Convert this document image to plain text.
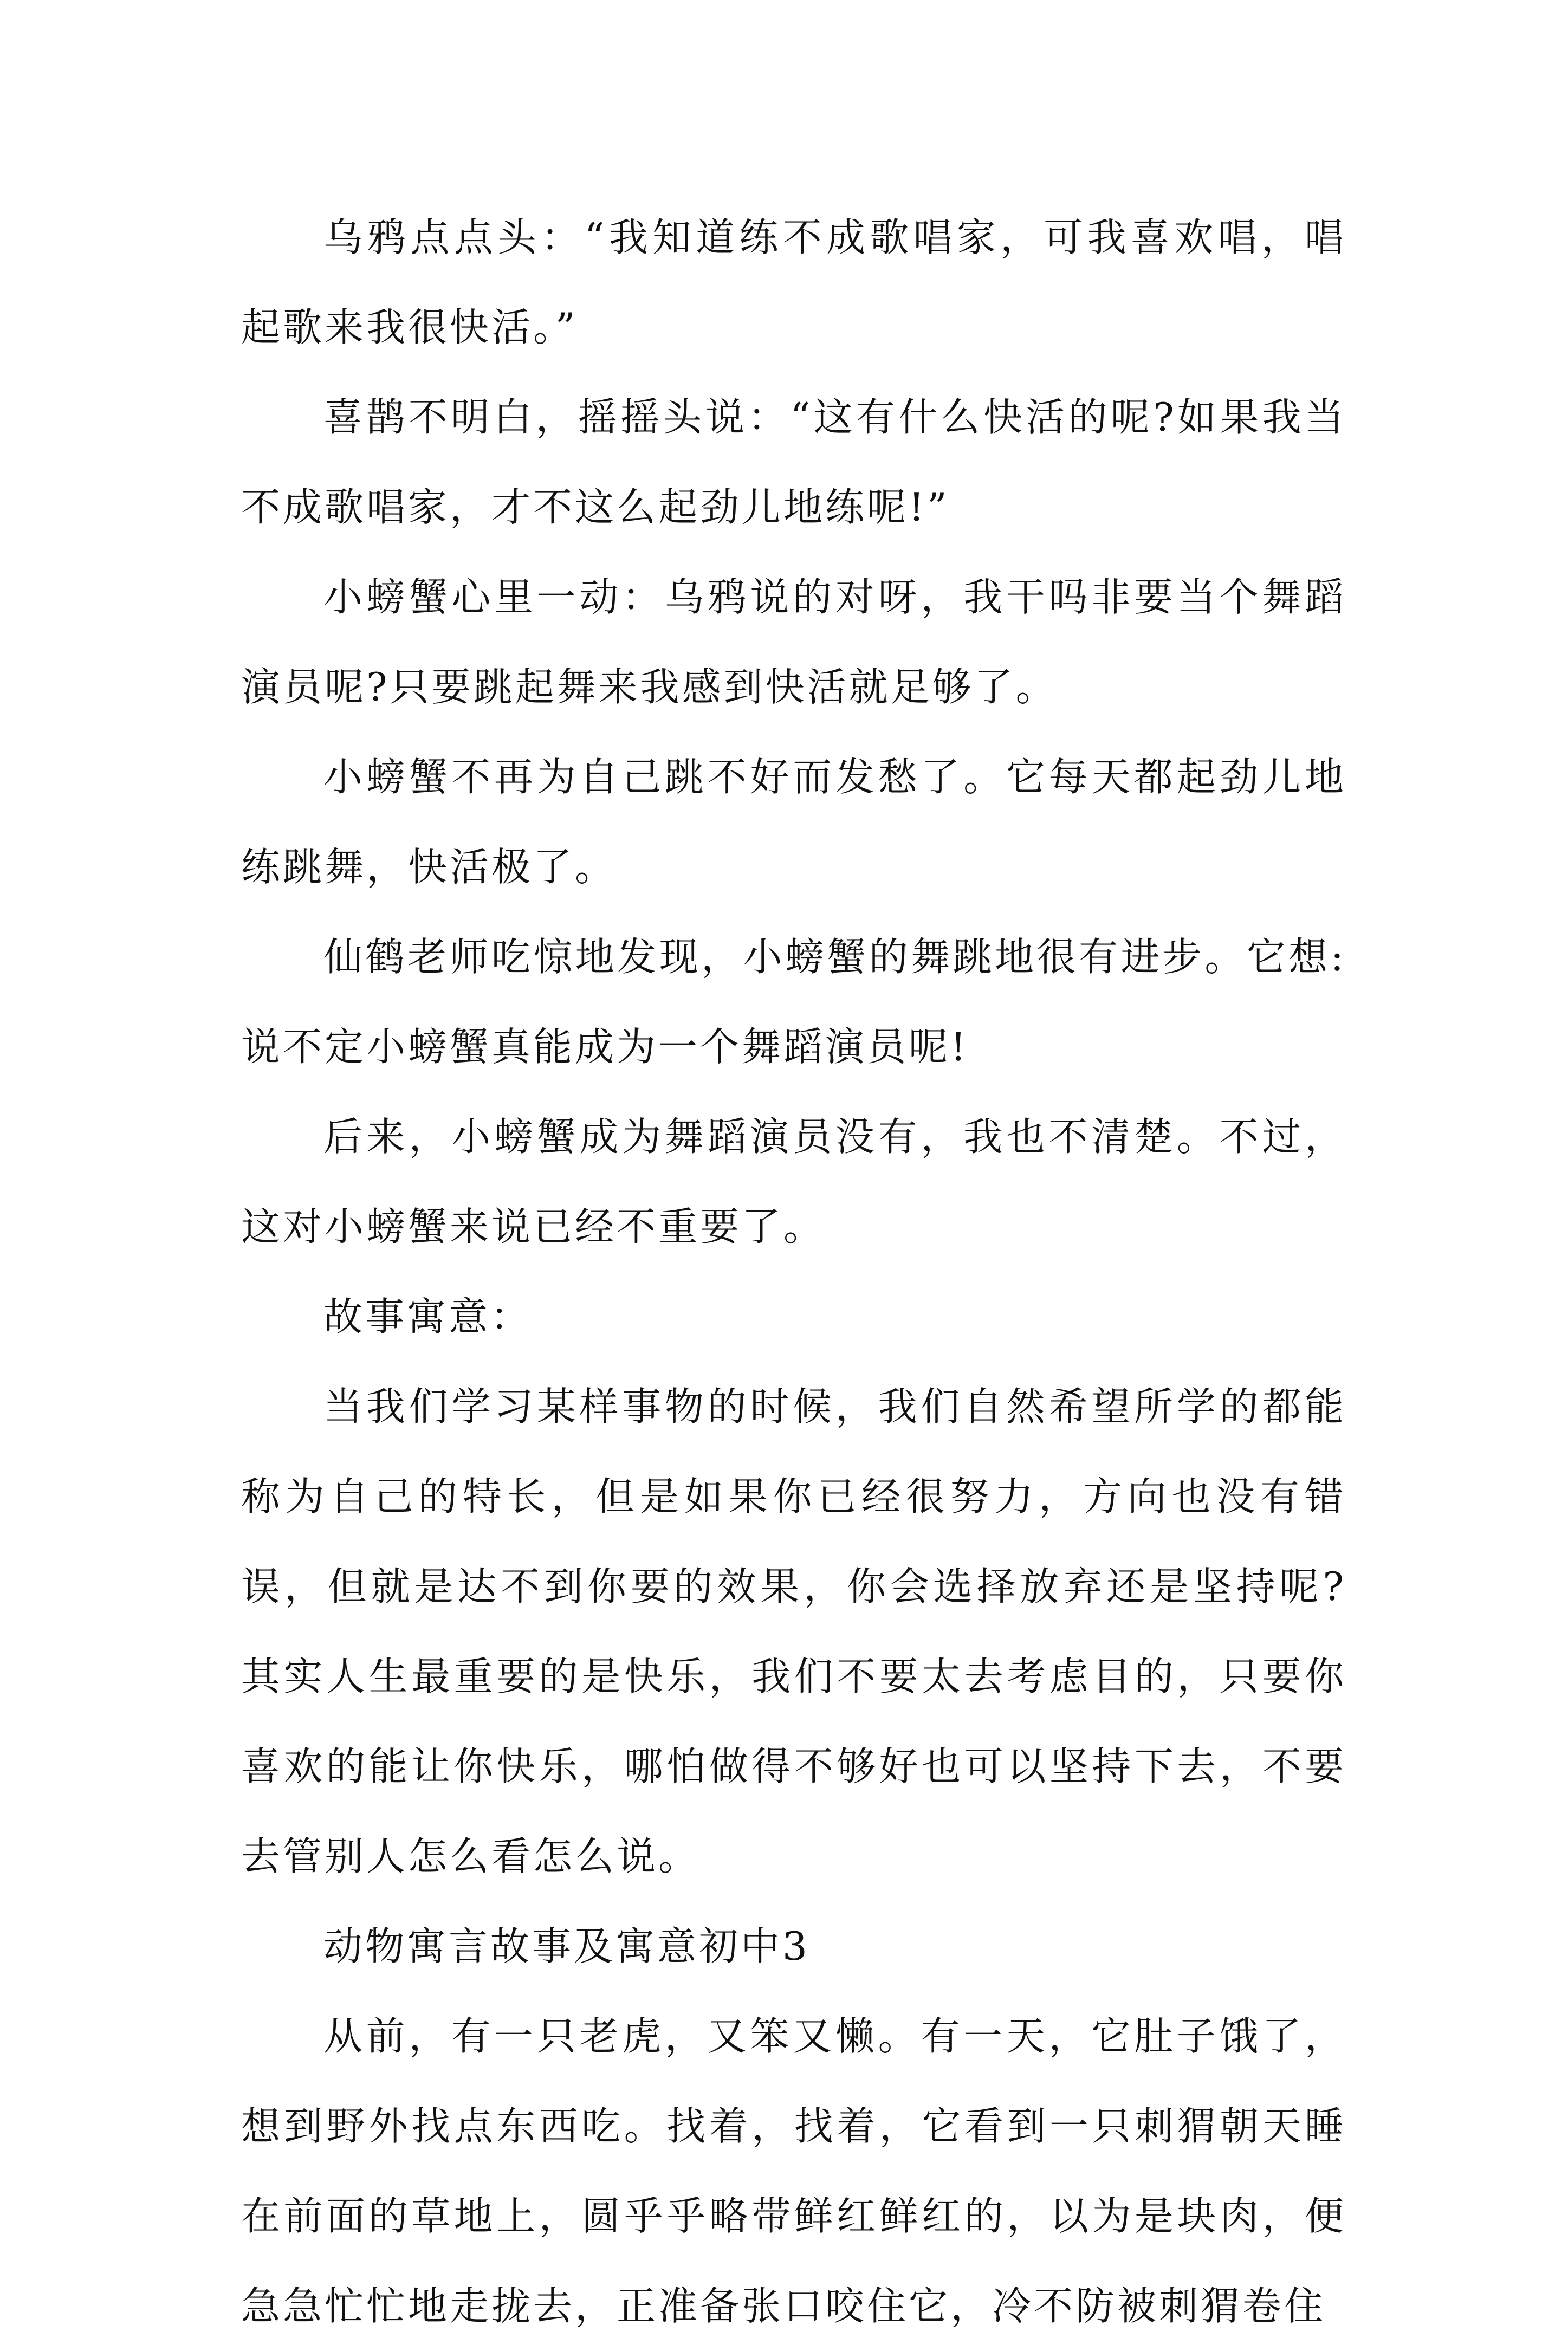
乌鸦点点头：“我知道练不成歌唱家，可我喜欢唱，唱起歌来我很快活。”

喜鹊不明白，摇摇头说：“这有什么快活的呢?如果我当不成歌唱家，才不这么起劲儿地练呢!”

小螃蟹心里一动：乌鸦说的对呀，我干吗非要当个舞蹈演员呢?只要跳起舞来我感到快活就足够了。

小螃蟹不再为自己跳不好而发愁了。它每天都起劲儿地练跳舞，快活极了。

仙鹤老师吃惊地发现，小螃蟹的舞跳地很有进步。它想:说不定小螃蟹真能成为一个舞蹈演员呢!

后来，小螃蟹成为舞蹈演员没有，我也不清楚。不过，这对小螃蟹来说已经不重要了。

故事寓意：

当我们学习某样事物的时候，我们自然希望所学的都能称为自己的特长，但是如果你已经很努力，方向也没有错误，但就是达不到你要的效果，你会选择放弃还是坚持呢?其实人生最重要的是快乐，我们不要太去考虑目的，只要你喜欢的能让你快乐，哪怕做得不够好也可以坚持下去，不要去管别人怎么看怎么说。

动物寓言故事及寓意初中3

从前，有一只老虎，又笨又懒。有一天，它肚子饿了，想到野外找点东西吃。找着，找着，它看到一只刺猬朝天睡在前面的草地上，圆乎乎略带鲜红鲜红的，以为是块肉，便急急忙忙地走拢去，正准备张口咬住它，冷不防被刺猬卷住
